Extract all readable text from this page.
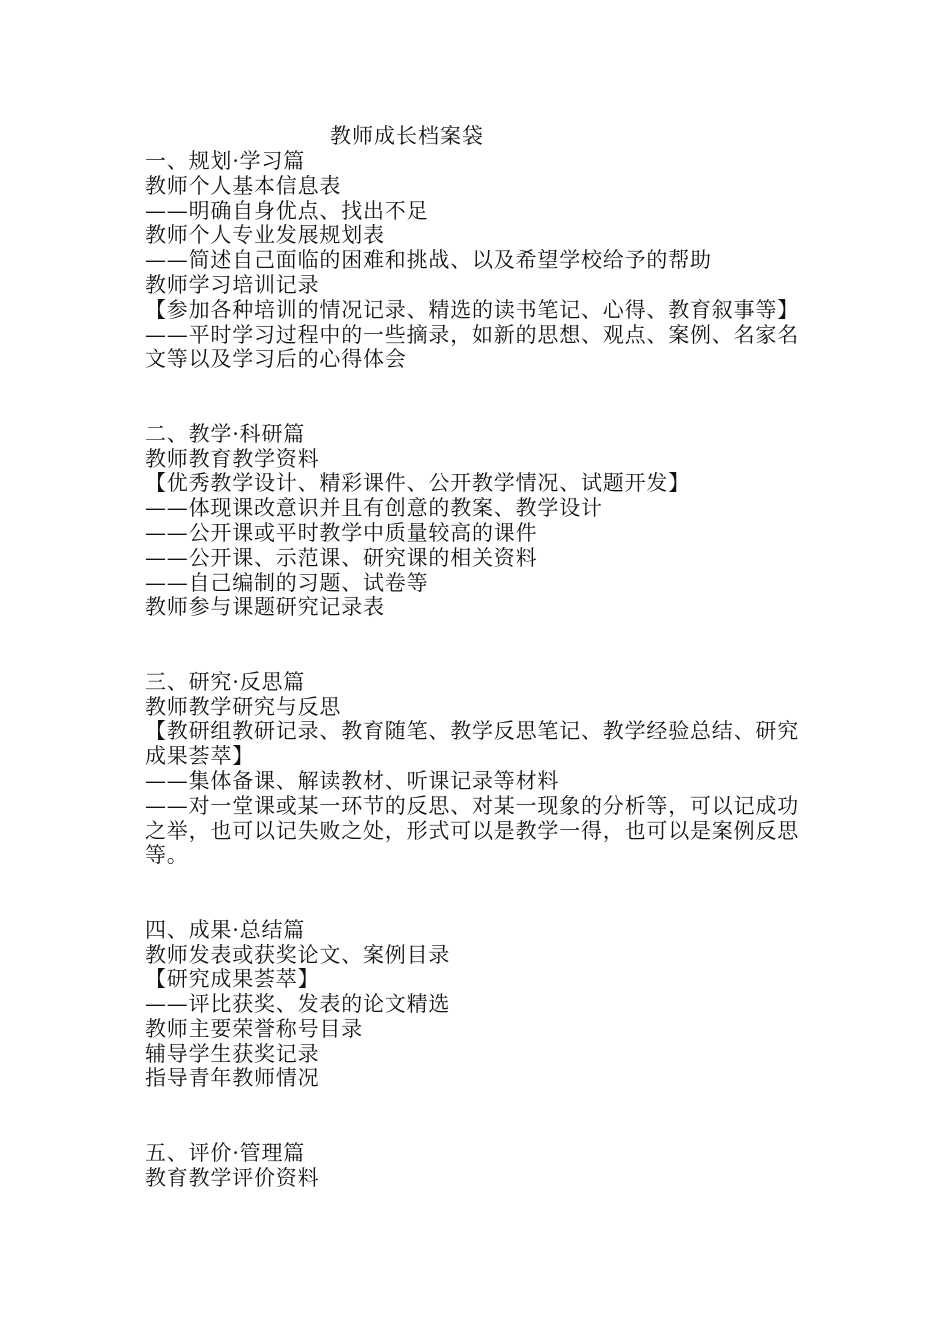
教师成长档案袋
一、规划·学习篇
教师个人基本信息表
——明确自身优点、找出不足
教师个人专业发展规划表
——简述自己面临的困难和挑战、以及希望学校给予的帮助
教师学习培训记录
【参加各种培训的情况记录、精选的读书笔记、心得、教育叙事等】
——平时学习过程中的一些摘录，如新的思想、观点、案例、名家名文等以及学习后的心得体会
二、教学·科研篇
教师教育教学资料
【优秀教学设计、精彩课件、公开教学情况、试题开发】
——体现课改意识并且有创意的教案、教学设计
——公开课或平时教学中质量较高的课件
——公开课、示范课、研究课的相关资料
——自己编制的习题、试卷等
教师参与课题研究记录表
三、研究·反思篇
教师教学研究与反思
【教研组教研记录、教育随笔、教学反思笔记、教学经验总结、研究成果荟萃】
——集体备课、解读教材、听课记录等材料
——对一堂课或某一环节的反思、对某一现象的分析等，可以记成功之举，也可以记失败之处，形式可以是教学一得，也可以是案例反思等。
四、成果·总结篇
教师发表或获奖论文、案例目录
【研究成果荟萃】
——评比获奖、发表的论文精选
教师主要荣誉称号目录
辅导学生获奖记录
指导青年教师情况
五、评价·管理篇
教育教学评价资料
